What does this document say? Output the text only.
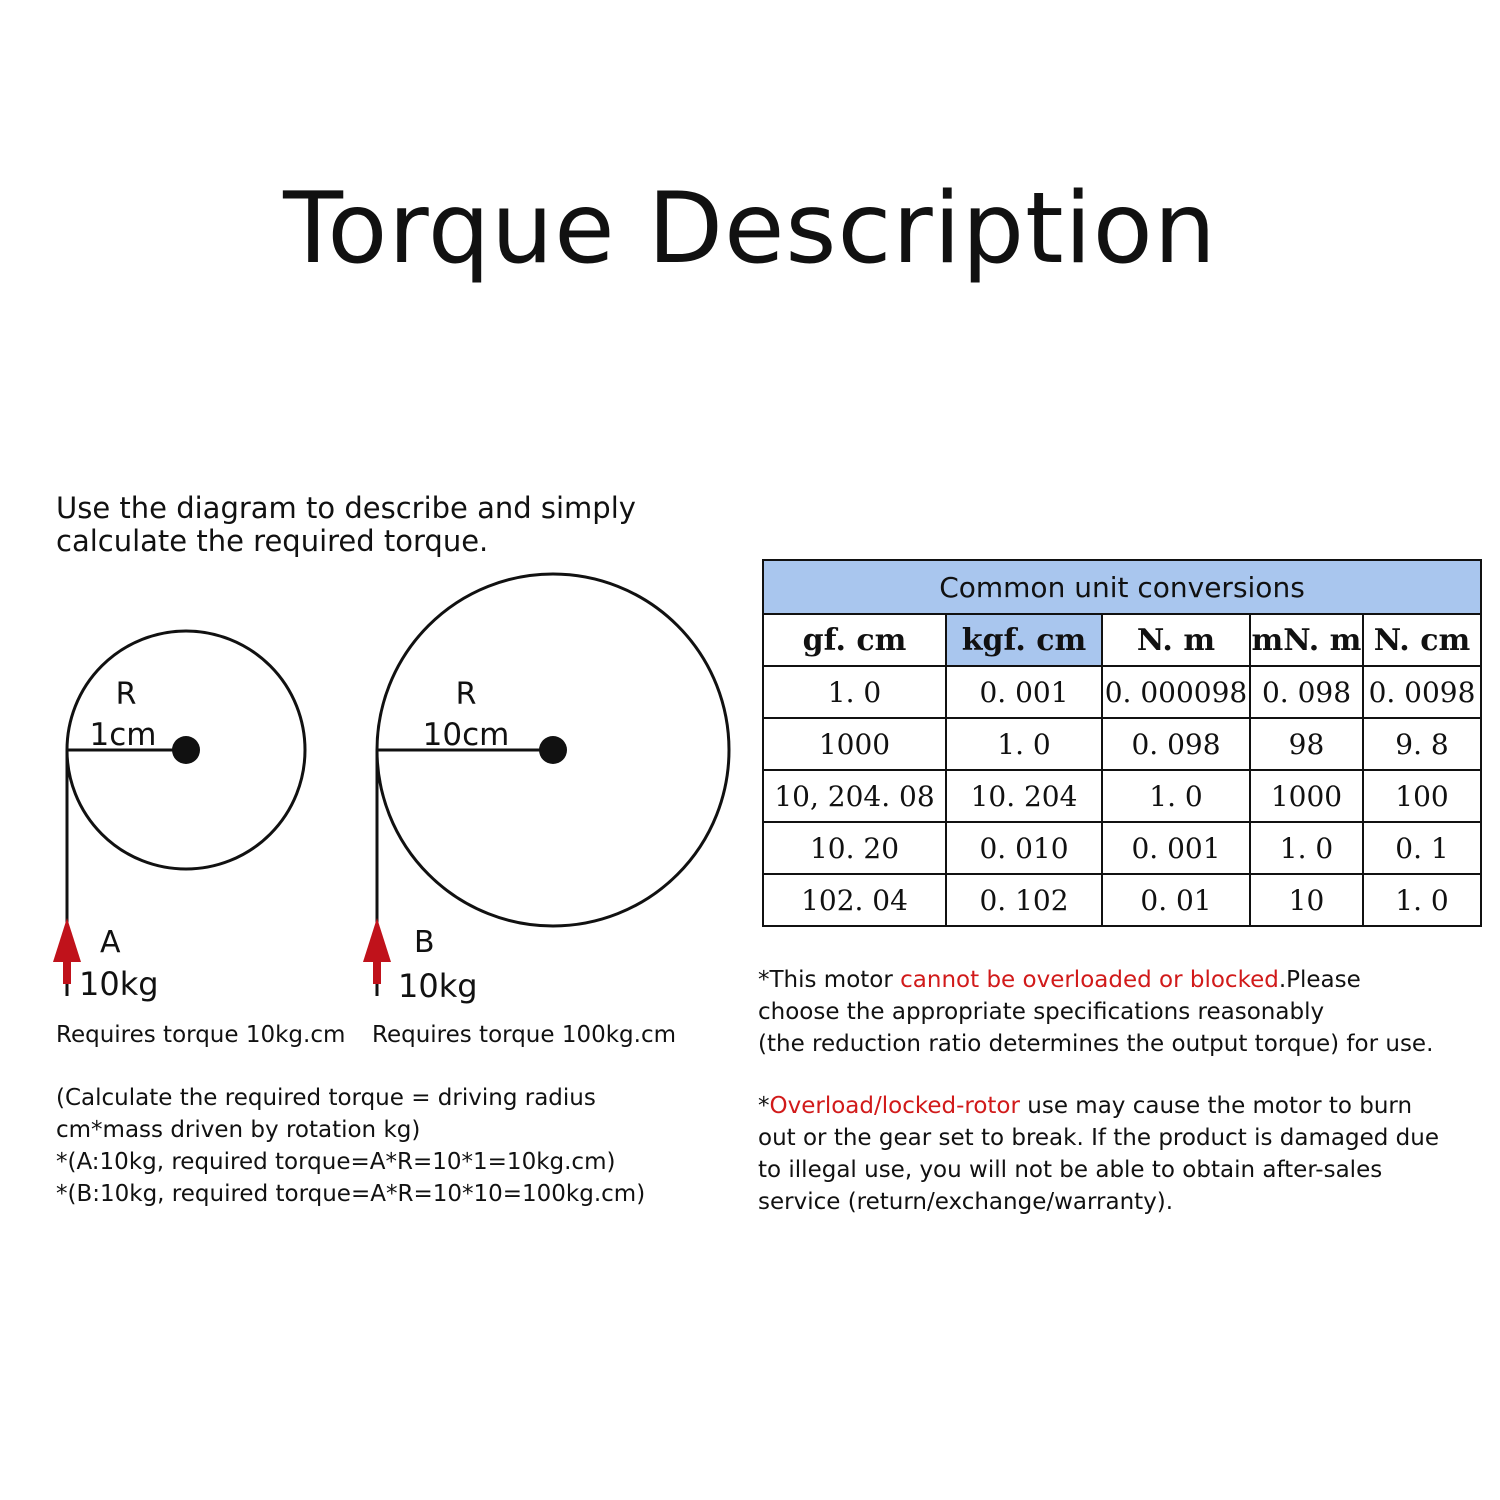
Torque Description
Use the diagram to describe and simply
calculate the required torque.
R
1cm
A
10kg
R
10cm
B
10kg
Requires torque 10kg.cm Requires torque 100kg.cm
(Calculate the required torque = driving radius
cm*mass driven by rotation kg)
*(A:10kg, required torque=A*R=10*1=10kg.cm)
*(B:10kg, required torque=A*R=10*10=100kg.cm)
Common unit conversions				
gf. cm	kgf. cm	N. m	mN. m	N. cm
1. 0	0. 001	0. 000098	0. 098	0. 0098
1000	1. 0	0. 098	98	9. 8
10, 204. 08	10. 204	1. 0	1000	100
10. 20	0. 010	0. 001	1. 0	0. 1
102. 04	0. 102	0. 01	10	1. 0
*This motor cannot be overloaded or blocked.Please
choose the appropriate specifications reasonably
(the reduction ratio determines the output torque) for use.
*Overload/locked-rotor use may cause the motor to burn
out or the gear set to break. If the product is damaged due
to illegal use, you will not be able to obtain after-sales
service (return/exchange/warranty).
